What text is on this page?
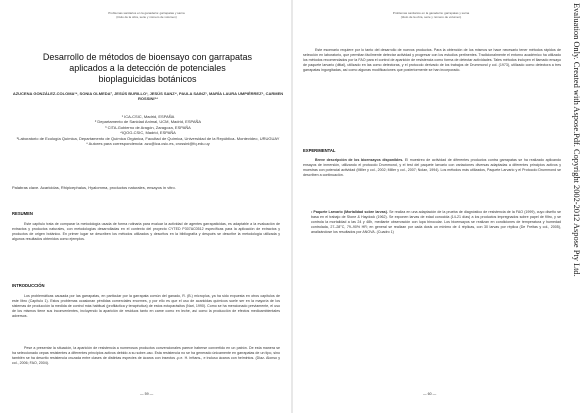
Problemas sanitarios en la ganadería: garrapatas y sarna
(título de la obra, serie y número de volumen)
Desarrollo de métodos de bioensayo con garrapatas aplicados a la detección de potenciales bioplaguicidas botánicos
AZUCENA GONZÁLEZ-COLOMA¹*, SONIA OLMEDA², JESÚS BURILLO³, JESÚS SANZ⁴, PAULA SAINZ¹, MARÍA LAURA UMPIÉRREZ⁵, CARMEN ROSSINI⁵*
¹ ICA-CSIC, Madrid, ESPAÑA
² Departamento de Sanidad Animal, UCM, Madrid, ESPAÑA
³ CITA-Gobierno de Aragón, Zaragoza, ESPAÑA
⁴IQOG-CSIC, Madrid, ESPAÑA
⁵Laboratorio de Ecología Química, Departamento de Química Orgánica, Facultad de Química, Universidad de la República- Montevideo, URUGUAY
* Autores para correspondencia: azu@ica.csic.es, crossini@fq.edu.uy
Palabras clave. Acaricidas, Rhipicephalus, Hyalomma, productos naturales, ensayos in vitro.
RESUMEN
Este capítulo trata de comparar la metodología usada de forma rutinaria para evaluar la actividad de agentes garrapaticidas, es adaptable a la evaluación de extractos y productos naturales, con metodologías desarrolladas en el contexto del proyecto CYTED P307AC0512 específicas para la aplicación de extractos y productos de origen botánico. En primer lugar se describen los métodos utilizados y descritos en la bibliografía y después se describe la metodología utilizada y algunos resultados obtenidos como ejemplos.
INTRODUCCIÓN
Los problemáticas causada por las garrapatas, en particular por la garrapata común del ganado, R. (B.) microplus, ya ha sido expuesta en otros capítulos de este libro (Capítulo 1). Estos problemas ocasionan pérdidas comerciales enormes, y por ello es que el uso de acaricidas químicos suele ser en la mayoría de los sistemas de producción la medida de control más habitual (profiláctica y terapéutica) de estos ectoparásitos (Nari, 1990). Como se ha mencionado previamente, el uso de los mismos tiene sus inconvenientes, incluyendo la aparición de residuos tanto en carne como en leche, así como la producción de efectos medioambientales adversos.
Pese a presentar la situación, la aparición de resistencia a numerosos productos convencionales parece haberse convertido en un patrón. De esta manera se ha seleccionado cepas resistentes a diferentes principios activos debido a su sobre-uso. Esta resistencia no se ha generado únicamente en garrapatas de un tipo, sino también se ha descrito resistencia cruzada entre clases de distintas especies de ácaros con insectos -p.e. H. irritans-, e incluso ácaros con helmintos. (Diaz- Alonso y col., 2006; FAO, 2004).
— 59 —
Problemas sanitarios en la ganadería: garrapatas y sarna
(título de la obra, serie y número de volumen)
Este escenario requiere por lo tanto del desarrollo de nuevos productos. Para la obtención de los mismos se hace necesario tener métodos rápidos de selección en laboratorio, que permitan fácilmente detectar actividad y progresar con los estudios pertinentes. Tradicionalmente el entorno académico ha utilizado los métodos recomendados por la FAO para el control de aparición de resistencia como forma de detectar actividades. Tales métodos incluyen el llamado ensayo de paquete larvario (ditial), utilizado en las como detectoras, y el protocolo derivado de los trabajos de Drummond y col. (1973), utilizado como detectora a tres garrapatas ingurgitadas, así como algunas modificaciones que posteriormente se han incorporado.
EXPERIMENTAL
Breve descripción de los bioensayos disponibles. El muestreo de actividad de diferentes productos contra garrapatas se ha realizado aplicando ensayos de inmersión, utilizando el protocolo Drummond, y el test del paquete larvario con variaciones diversas adaptadas a diferentes principios activos y muestras con potencial actividad (Miller y col., 2002; Miller y col., 2007; Nolan, 1994). Los métodos más utilizados, Paquete Larvario y el Protocolo Drummond se describen a continuación.
• Paquete Larvario (Mortalidad sobre larvas). Se realiza en una adaptación de la prueba de diagnóstico de resistencia de la FAO (1999), cuyo diseño se basa en el trabajo de Stone & Haydock (1962). Se exponen larvas de edad conocida (14-21 días) a los productos impregnados sobre papel de filtro, y se controla la mortalidad a las 24 y 48h, mediante observación con lupa binocular. Los bioensayos se realizan en condiciones de temperatura y humedad controlada, 27–28°C, 79–90% HR; en general se realizan por cada dosis un mínimo de 4 réplicas, con 30 larvas por réplica (De Freitas y col., 2005), analizándose los resultados por ANOVA. (Cuadro 1)
— 60 —
Evaluation Only. Created with Aspose.Pdf. Copyright 2002-2012 Aspose Pty Ltd.
